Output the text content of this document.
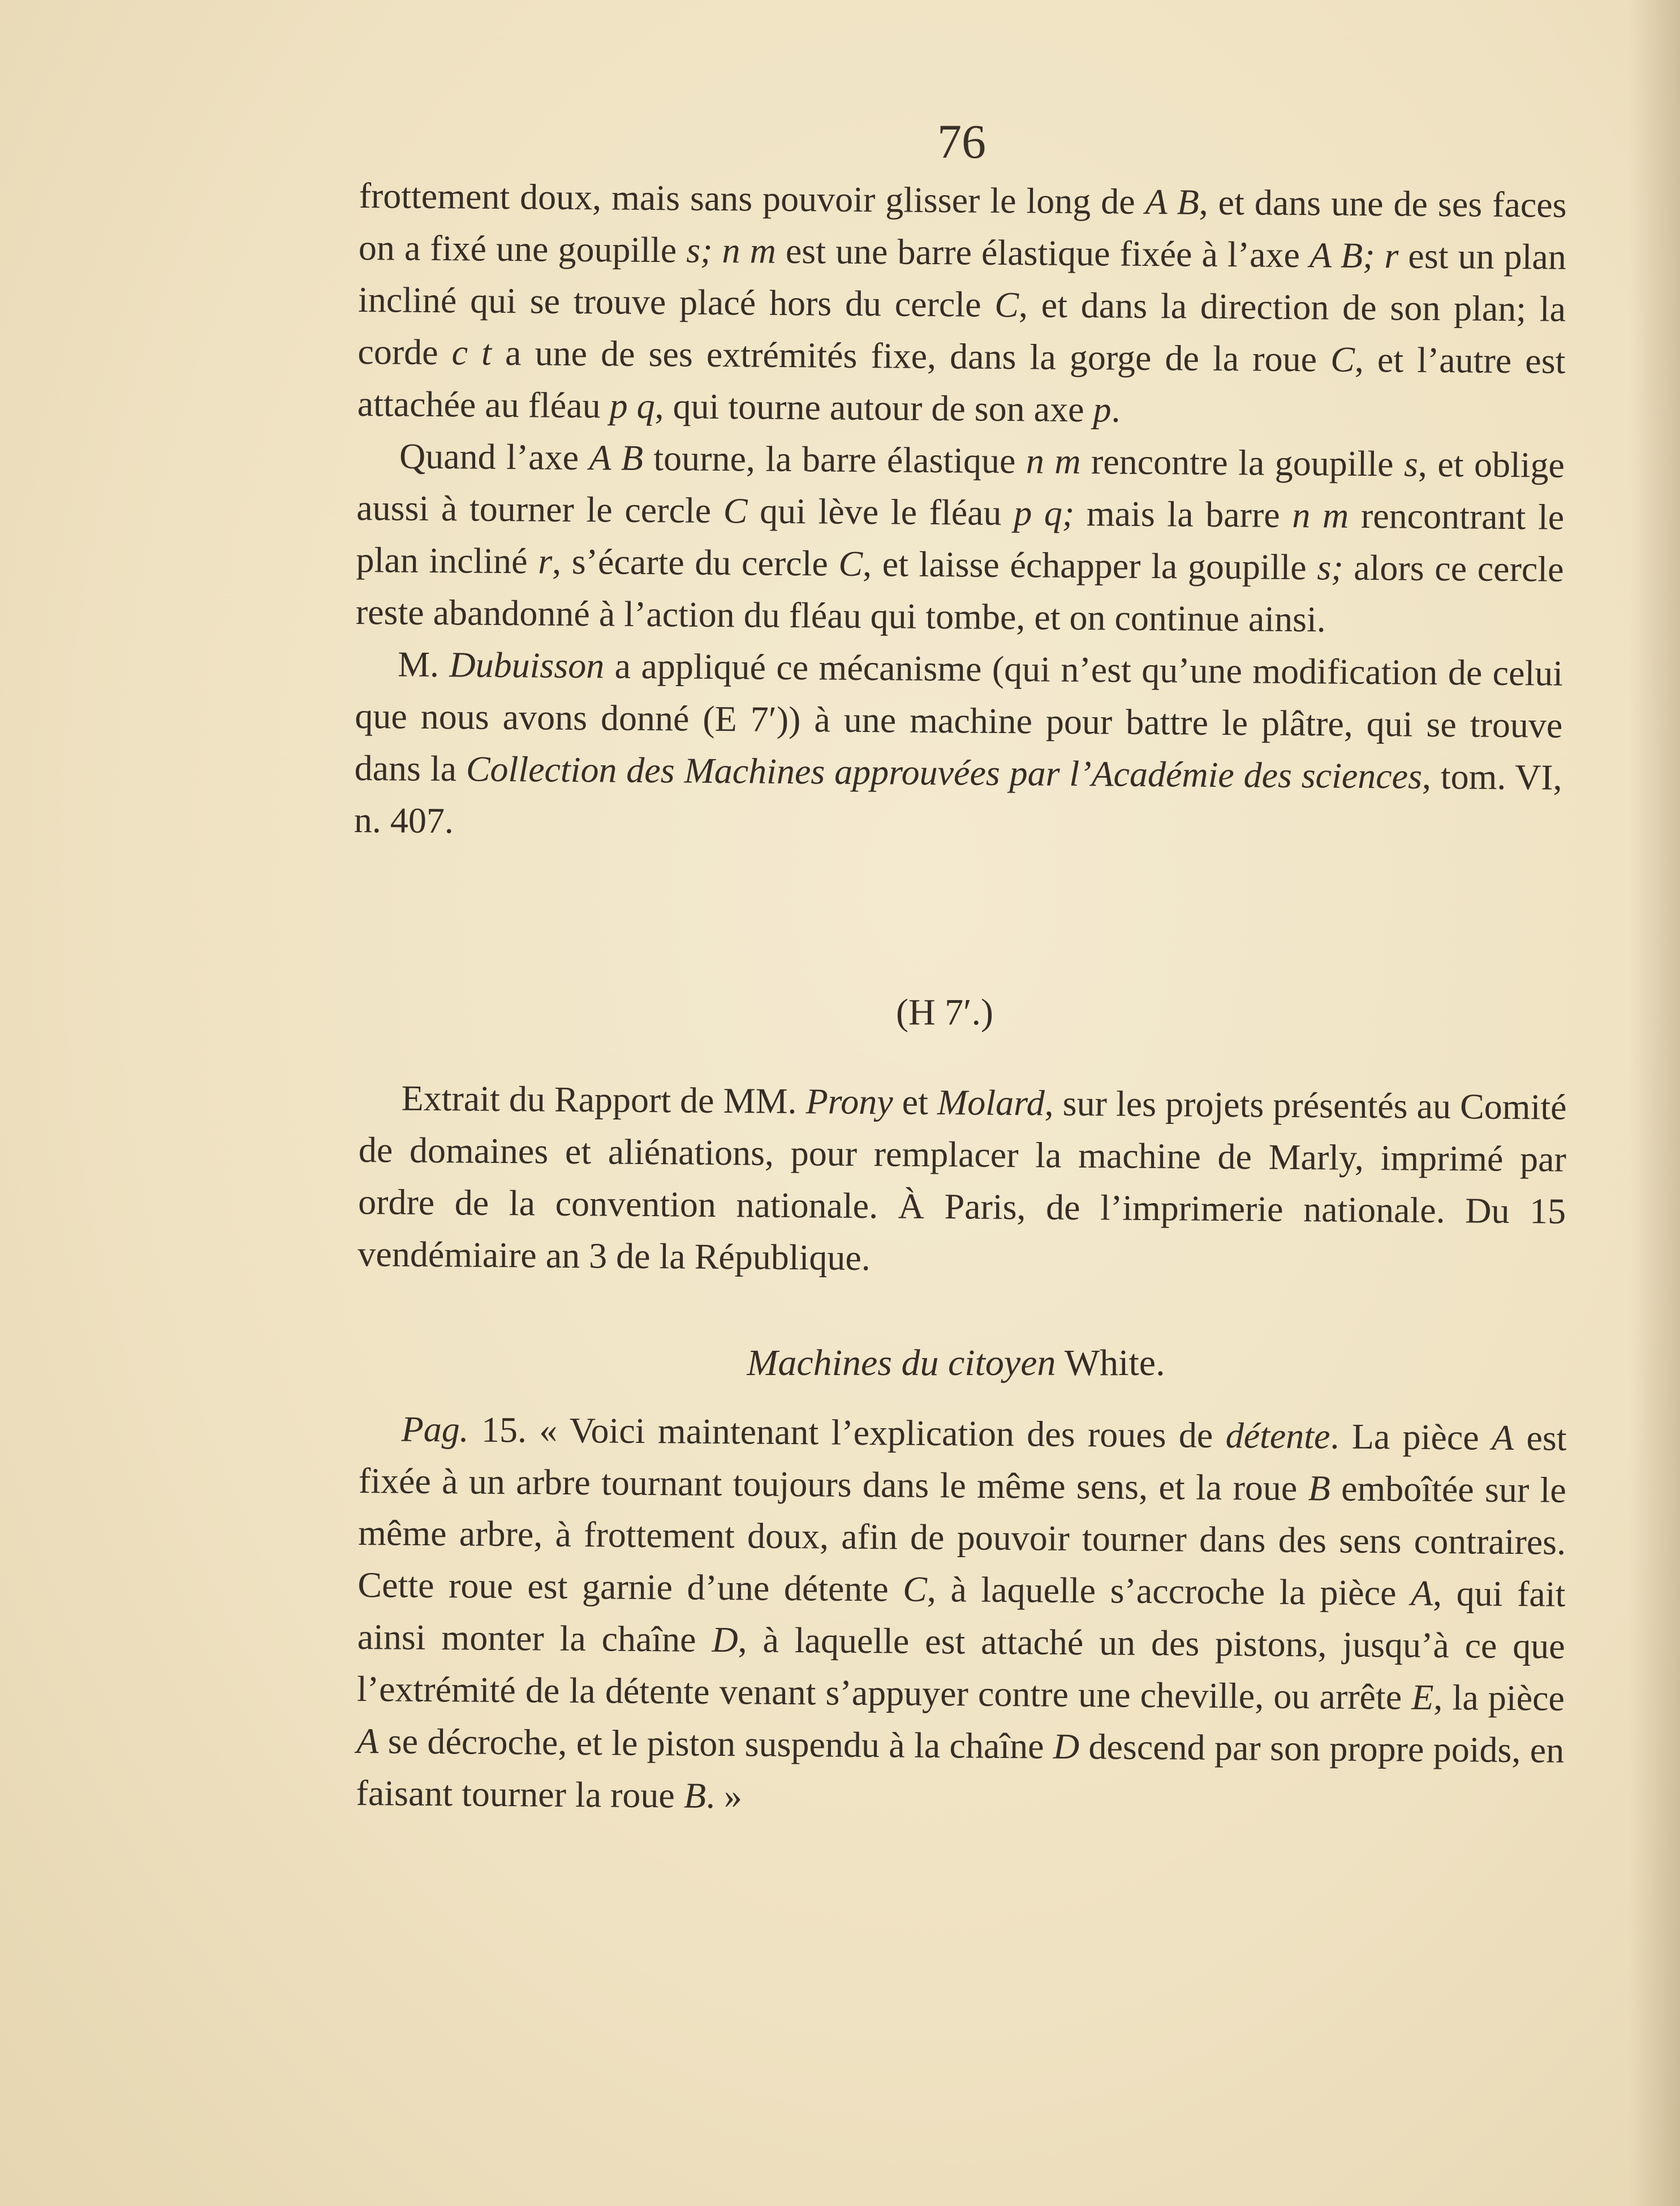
76

frottement doux, mais sans pouvoir glisser le long de A B, et dans une de ses faces on a fixé une goupille s; n m est une barre élastique fixée à l’axe A B; r est un plan incliné qui se trouve placé hors du cercle C, et dans la direction de son plan; la corde c t a une de ses extrémités fixe, dans la gorge de la roue C, et l’autre est attachée au fléau p q, qui tourne autour de son axe p.

Quand l’axe A B tourne, la barre élastique n m rencontre la goupille s, et oblige aussi à tourner le cercle C qui lève le fléau p q; mais la barre n m rencontrant le plan incliné r, s’écarte du cercle C, et laisse échapper la goupille s; alors ce cercle reste abandonné à l’action du fléau qui tombe, et on continue ainsi.

M. Dubuisson a appliqué ce mécanisme (qui n’est qu’une modification de celui que nous avons donné (E 7′)) à une machine pour battre le plâtre, qui se trouve dans la Collection des Machines approuvées par l’Académie des sciences, tom. VI, n. 407.

(H 7′.)

Extrait du Rapport de MM. Prony et Molard, sur les projets présentés au Comité de domaines et aliénations, pour remplacer la machine de Marly, imprimé par ordre de la convention nationale. À Paris, de l’imprimerie nationale. Du 15 vendémiaire an 3 de la République.

Machines du citoyen White.

Pag. 15. « Voici maintenant l’explication des roues de détente. La pièce A est fixée à un arbre tournant toujours dans le même sens, et la roue B emboîtée sur le même arbre, à frottement doux, afin de pouvoir tourner dans des sens contraires. Cette roue est garnie d’une détente C, à laquelle s’accroche la pièce A, qui fait ainsi monter la chaîne D, à laquelle est attaché un des pistons, jusqu’à ce que l’extrémité de la détente venant s’appuyer contre une cheville, ou arrête E, la pièce A se décroche, et le piston suspendu à la chaîne D descend par son propre poids, en faisant tourner la roue B. »
